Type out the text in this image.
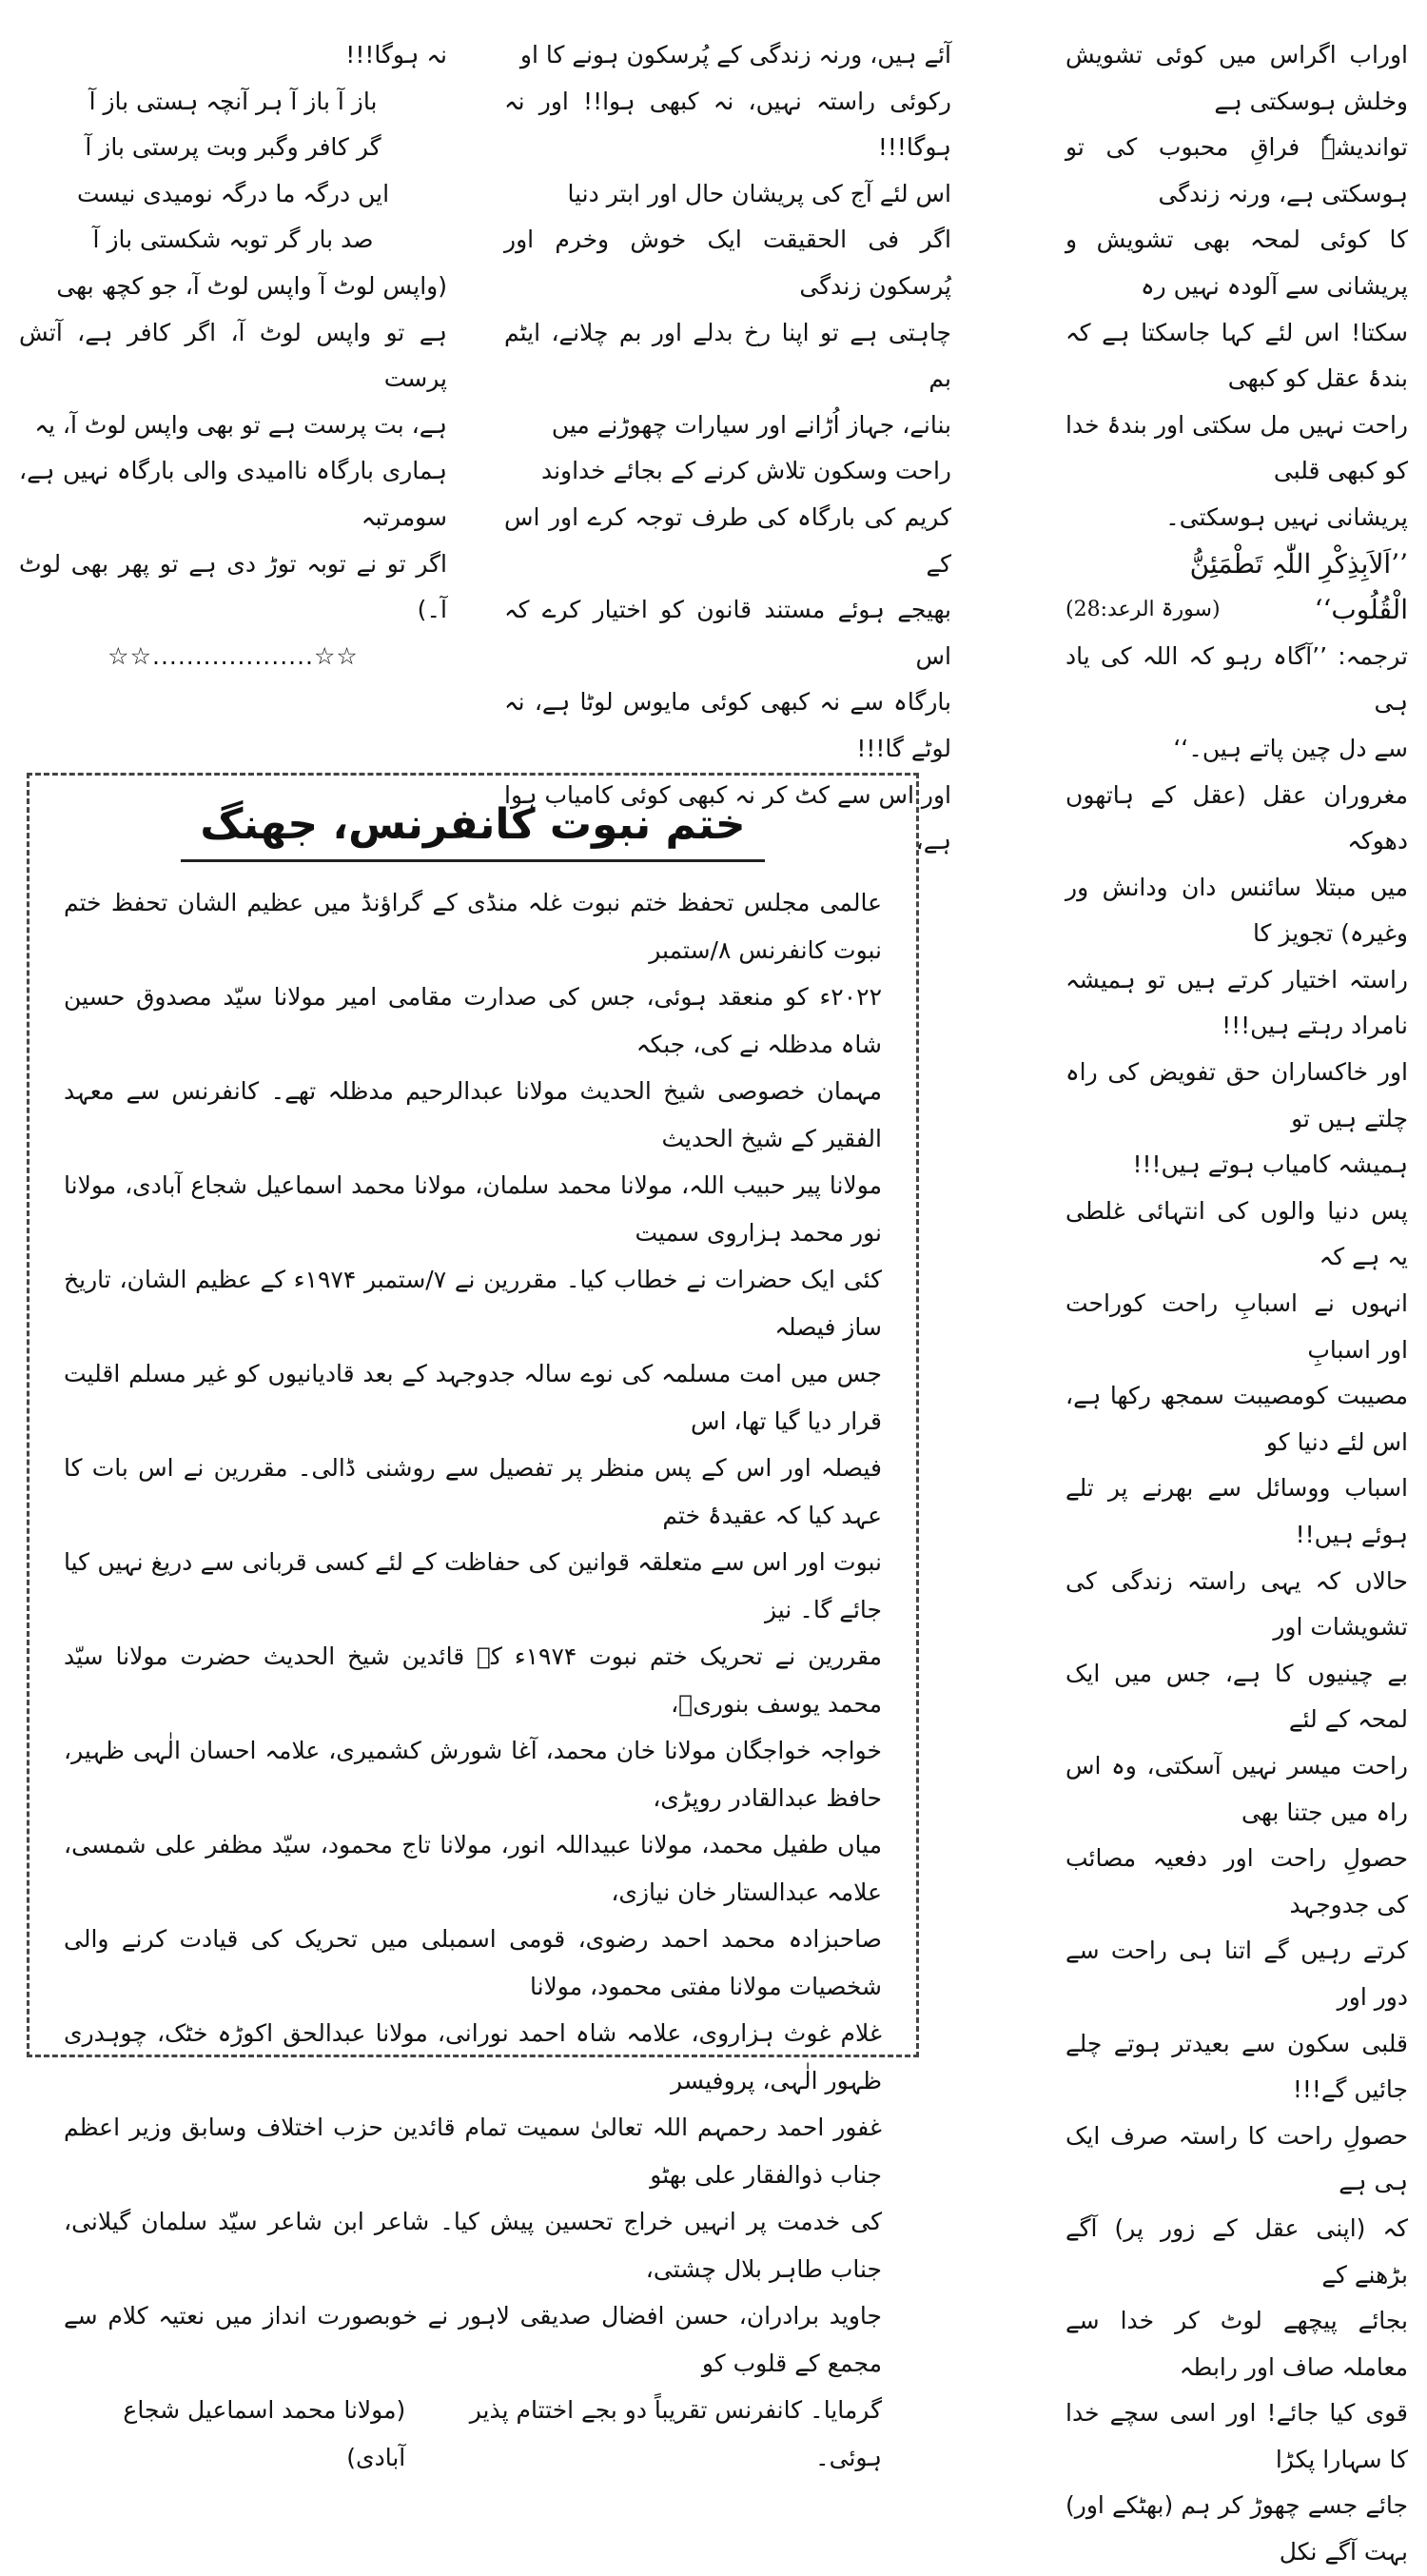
اوراب اگراس میں کوئی تشویش وخلش ہوسکتی ہے

تواندیشہٗ فراقِ محبوب کی تو ہوسکتی ہے، ورنہ زندگی

کا کوئی لمحہ بھی تشویش و پریشانی سے آلودہ نہیں رہ

سکتا! اس لئے کہا جاسکتا ہے کہ بندۂ عقل کو کبھی

راحت نہیں مل سکتی اور بندۂ خدا کو کبھی قلبی

پریشانی نہیں ہوسکتی۔

’’اَلاَبِذِکْرِ اللّٰہِ تَطْمَئِنُّ

الْقُلُوب‘‘
(سورۃ الرعد:28)

ترجمہ: ’’آگاہ رہو کہ اللہ کی یاد ہی

سے دل چین پاتے ہیں۔‘‘

مغروران عقل (عقل کے ہاتھوں دھوکہ

میں مبتلا سائنس دان ودانش ور وغیرہ) تجویز کا

راستہ اختیار کرتے ہیں تو ہمیشہ نامراد رہتے ہیں!!!

اور خاکساران حق تفویض کی راہ چلتے ہیں تو

ہمیشہ کامیاب ہوتے ہیں!!!

پس دنیا والوں کی انتہائی غلطی یہ ہے کہ

انہوں نے اسبابِ راحت کوراحت اور اسبابِ

مصیبت کومصیبت سمجھ رکھا ہے، اس لئے دنیا کو

اسباب ووسائل سے بھرنے پر تلے ہوئے ہیں!!

حالاں کہ یہی راستہ زندگی کی تشویشات اور

بے چینیوں کا ہے، جس میں ایک لمحہ کے لئے

راحت میسر نہیں آسکتی، وہ اس راہ میں جتنا بھی

حصولِ راحت اور دفعیہ مصائب کی جدوجہد

کرتے رہیں گے اتنا ہی راحت سے دور اور

قلبی سکون سے بعیدتر ہوتے چلے جائیں گے!!!

حصولِ راحت کا راستہ صرف ایک ہی ہے

کہ (اپنی عقل کے زور پر) آگے بڑھنے کے

بجائے پیچھے لوٹ کر خدا سے معاملہ صاف اور رابطہ

قوی کیا جائے! اور اسی سچے خدا کا سہارا پکڑا

جائے جسے چھوڑ کر ہم (بھٹکے اور) بہت آگے نکل

آئے ہیں، ورنہ زندگی کے پُرسکون ہونے کا او

رکوئی راستہ نہیں، نہ کبھی ہوا!! اور نہ ہوگا!!!

اس لئے آج کی پریشان حال اور ابتر دنیا

اگر فی الحقیقت ایک خوش وخرم اور پُرسکون زندگی

چاہتی ہے تو اپنا رخ بدلے اور بم چلانے، ایٹم بم

بنانے، جہاز اُڑانے اور سیارات چھوڑنے میں

راحت وسکون تلاش کرنے کے بجائے خداوند

کریم کی بارگاہ کی طرف توجہ کرے اور اس کے

بھیجے ہوئے مستند قانون کو اختیار کرے کہ اس

بارگاہ سے نہ کبھی کوئی مایوس لوٹا ہے، نہ لوٹے گا!!!

اور اس سے کٹ کر نہ کبھی کوئی کامیاب ہوا ہے،

نہ ہوگا!!!

باز آ باز آ ہر آنچہ ہستی باز آ

گر کافر وگبر وبت پرستی باز آ

ایں درگہ ما درگہ نومیدی نیست

صد بار گر توبہ شکستی باز آ

(واپس لوٹ آ واپس لوٹ آ، جو کچھ بھی

ہے تو واپس لوٹ آ، اگر کافر ہے، آتش پرست

ہے، بت پرست ہے تو بھی واپس لوٹ آ، یہ

ہماری بارگاہ ناامیدی والی بارگاہ نہیں ہے، سومرتبہ

اگر تو نے توبہ توڑ دی ہے تو پھر بھی لوٹ آ۔)

☆☆...................☆☆

ختم نبوت کانفرنس، جھنگ

عالمی مجلس تحفظ ختم نبوت غلہ منڈی کے گراؤنڈ میں عظیم الشان تحفظ ختم نبوت کانفرنس ۸/ستمبر

۲۰۲۲ء کو منعقد ہوئی، جس کی صدارت مقامی امیر مولانا سیّد مصدوق حسین شاہ مدظلہ نے کی، جبکہ

مہمان خصوصی شیخ الحدیث مولانا عبدالرحیم مدظلہ تھے۔ کانفرنس سے معہد الفقیر کے شیخ الحدیث

مولانا پیر حبیب اللہ، مولانا محمد سلمان، مولانا محمد اسماعیل شجاع آبادی، مولانا نور محمد ہزاروی سمیت

کئی ایک حضرات نے خطاب کیا۔ مقررین نے ۷/ستمبر ۱۹۷۴ء کے عظیم الشان، تاریخ ساز فیصلہ

جس میں امت مسلمہ کی نوے سالہ جدوجہد کے بعد قادیانیوں کو غیر مسلم اقلیت قرار دیا گیا تھا، اس

فیصلہ اور اس کے پس منظر پر تفصیل سے روشنی ڈالی۔ مقررین نے اس بات کا عہد کیا کہ عقیدۂ ختم

نبوت اور اس سے متعلقہ قوانین کی حفاظت کے لئے کسی قربانی سے دریغ نہیں کیا جائے گا۔ نیز

مقررین نے تحریک ختم نبوت ۱۹۷۴ء کے قائدین شیخ الحدیث حضرت مولانا سیّد محمد یوسف بنوریؒ،

خواجہ خواجگان مولانا خان محمد، آغا شورش کشمیری، علامہ احسان الٰہی ظہیر، حافظ عبدالقادر روپڑی،

میاں طفیل محمد، مولانا عبیداللہ انور، مولانا تاج محمود، سیّد مظفر علی شمسی، علامہ عبدالستار خان نیازی،

صاحبزادہ محمد احمد رضوی، قومی اسمبلی میں تحریک کی قیادت کرنے والی شخصیات مولانا مفتی محمود، مولانا

غلام غوث ہزاروی، علامہ شاہ احمد نورانی، مولانا عبدالحق اکوڑہ خٹک، چوہدری ظہور الٰہی، پروفیسر

غفور احمد رحمہم اللہ تعالیٰ سمیت تمام قائدین حزب اختلاف وسابق وزیر اعظم جناب ذوالفقار علی بھٹو

کی خدمت پر انہیں خراج تحسین پیش کیا۔ شاعر ابن شاعر سیّد سلمان گیلانی، جناب طاہر بلال چشتی،

جاوید برادران، حسن افضال صدیقی لاہور نے خوبصورت انداز میں نعتیہ کلام سے مجمع کے قلوب کو

گرمایا۔ کانفرنس تقریباً دو بجے اختتام پذیر ہوئی۔
(مولانا محمد اسماعیل شجاع آبادی)
